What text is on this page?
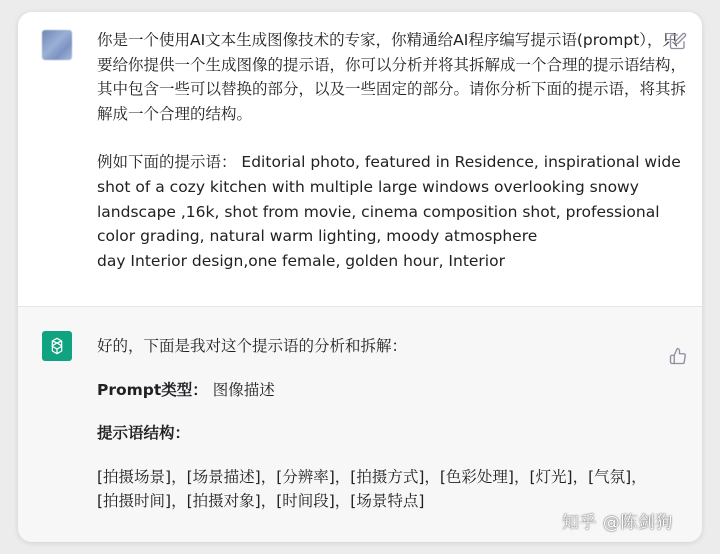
你是一个使用AI文本生成图像技术的专家，你精通给AI程序编写提示语(prompt），只要给你提供一个生成图像的提示语，你可以分析并将其拆解成一个合理的提示语结构，其中包含一些可以替换的部分，以及一些固定的部分。请你分析下面的提示语，将其拆解成一个合理的结构。

例如下面的提示语： Editorial photo, featured in Residence, inspirational wide

shot of a cozy kitchen with multiple large windows overlooking snowy

landscape ,16k, shot from movie, cinema composition shot, professional

color grading, natural warm lighting, moody atmosphere

day Interior design,one female, golden hour, Interior

好的，下面是我对这个提示语的分析和拆解：

Prompt类型： 图像描述

提示语结构：

[拍摄场景]，[场景描述]，[分辨率]，[拍摄方式]，[色彩处理]，[灯光]，[气氛]，[拍摄时间]，[拍摄对象]，[时间段]，[场景特点]

知乎 @陈剑狗
